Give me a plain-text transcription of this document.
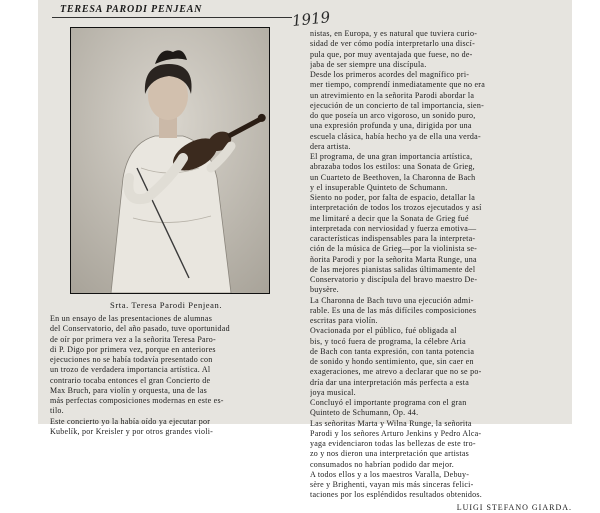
TERESA PARODI PENJEAN	1919
Srta. Teresa Parodi Penjean.
En un ensayo de las presentaciones de alumnas
del Conservatorio, del año pasado, tuve oportunidad
de oír por primera vez a la señorita Teresa Paro-
di P. Digo por primera vez, porque en anteriores
ejecuciones no se había todavía presentado con
un trozo de verdadera importancia artística. Al
contrario tocaba entonces el gran Concierto de
Max Bruch, para violín y orquesta, una de las
más perfectas composiciones modernas en este es-
tilo.
Este concierto yo la había oído ya ejecutar por
Kubelík, por Kreisler y por otros grandes violi-
nistas, en Europa, y es natural que tuviera curio-
sidad de ver cómo podía interpretarlo una discí-
pula que, por muy aventajada que fuese, no de-
jaba de ser siempre una discípula.
Desde los primeros acordes del magnífico pri-
mer tiempo, comprendí inmediatamente que no era
un atrevimiento en la señorita Parodi abordar la
ejecución de un concierto de tal importancia, sien-
do que poseía un arco vigoroso, un sonido puro,
una expresión profunda y una, dirigida por una
escuela clásica, había hecho ya de ella una verda-
dera artista.
El programa, de una gran importancia artística,
abrazaba todos los estilos: una Sonata de Grieg,
un Cuarteto de Beethoven, la Charonna de Bach
y el insuperable Quinteto de Schumann.
Siento no poder, por falta de espacio, detallar la
interpretación de todos los trozos ejecutados y así
me limitaré a decir que la Sonata de Grieg fué
interpretada con nerviosidad y fuerza emotiva—
características indispensables para la interpreta-
ción de la música de Grieg—por la violinista se-
ñorita Parodi y por la señorita Marta Runge, una
de las mejores pianistas salidas últimamente del
Conservatorio y discípula del bravo maestro De-
buysère.
La Charonna de Bach tuvo una ejecución admi-
rable. Es una de las más difíciles composiciones
escritas para violín.
Ovacionada por el público, fué obligada al
bis, y tocó fuera de programa, la célebre Aria
de Bach con tanta expresión, con tanta potencia
de sonido y hondo sentimiento, que, sin caer en
exageraciones, me atrevo a declarar que no se po-
dría dar una interpretación más perfecta a esta
joya musical.
Concluyó el importante programa con el gran
Quinteto de Schumann, Op. 44.
Las señoritas Marta y Wilna Runge, la señorita
Parodi y los señores Arturo Jenkins y Pedro Alca-
yaga evidenciaron todas las bellezas de este tro-
zo y nos dieron una interpretación que artistas
consumados no habrían podido dar mejor.
A todos ellos y a los maestros Varalla, Debuy-
sère y Brighenti, vayan mis más sinceras felici-
taciones por los espléndidos resultados obtenidos.
LUIGI STEFANO GIARDA.
